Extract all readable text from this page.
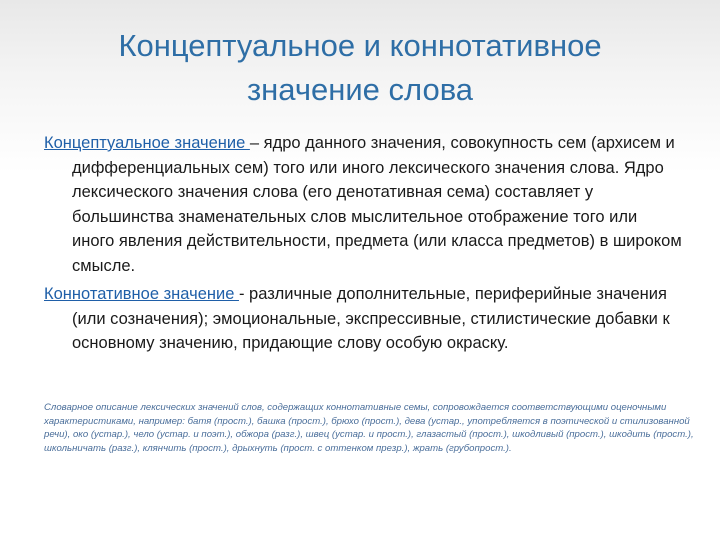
Концептуальное и коннотативное
значение слова

Концептуальное значение – ядро данного значения, совокупность сем (архисем и дифференциальных сем) того или иного лексического значения слова. Ядро лексического значения слова (его денотативная сема) составляет у большинства знаменательных слов мыслительное отображение того или иного явления действительности, предмета (или класса предметов) в широком смысле.

Коннотативное значение - различные дополнительные, периферийные значения (или созначения); эмоциональные, экспрессивные, стилистические добавки к основному значению, придающие слову особую окраску.

Словарное описание лексических значений слов, содержащих коннотативные семы, сопровождается соответствующими оценочными характеристиками, например: батя (прост.), башка (прост.), брюхо (прост.), дева (устар., употребляется в поэтической и стилизованной речи), око (устар.), чело (устар. и поэт.), обжора (разг.), швец (устар. и прост.), глазастый (прост.), шкодливый (прост.), шкодить (прост.), школьничать (разг.), клянчить (прост.), дрыхнуть (прост. с оттенком презр.), жрать (грубопрост.).
